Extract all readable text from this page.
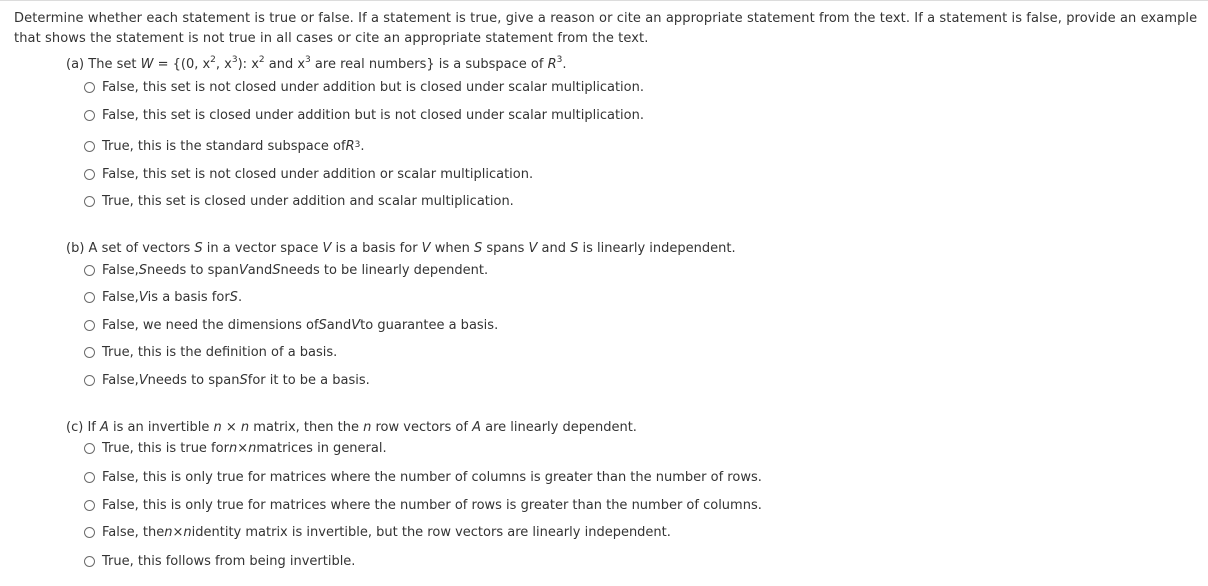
Determine whether each statement is true or false. If a statement is true, give a reason or cite an appropriate statement from the text. If a statement is false, provide an example that shows the statement is not true in all cases or cite an appropriate statement from the text.
(a) The set W = {(0, $x^2$, $x^3$): $x^2$ and $x^3$ are real numbers} is a subspace of $R^3$.
False, this set is not closed under addition but is closed under scalar multiplication.
False, this set is closed under addition but is not closed under scalar multiplication.
True, this is the standard subspace of $R^3$ .
False, this set is not closed under addition or scalar multiplication.
True, this set is closed under addition and scalar multiplication.
(b) A set of vectors S in a vector space V is a basis for V when S spans V and S is linearly independent.
False, S needs to span V and S needs to be linearly dependent.
False, V is a basis for S .
False, we need the dimensions of S and V to guarantee a basis.
True, this is the definition of a basis.
False, V needs to span S for it to be a basis.
(c) If A is an invertible n × n matrix, then the n row vectors of A are linearly dependent.
True, this is true for n × n matrices in general.
False, this is only true for matrices where the number of columns is greater than the number of rows.
False, this is only true for matrices where the number of rows is greater than the number of columns.
False, the n × n identity matrix is invertible, but the row vectors are linearly independent.
True, this follows from being invertible.
